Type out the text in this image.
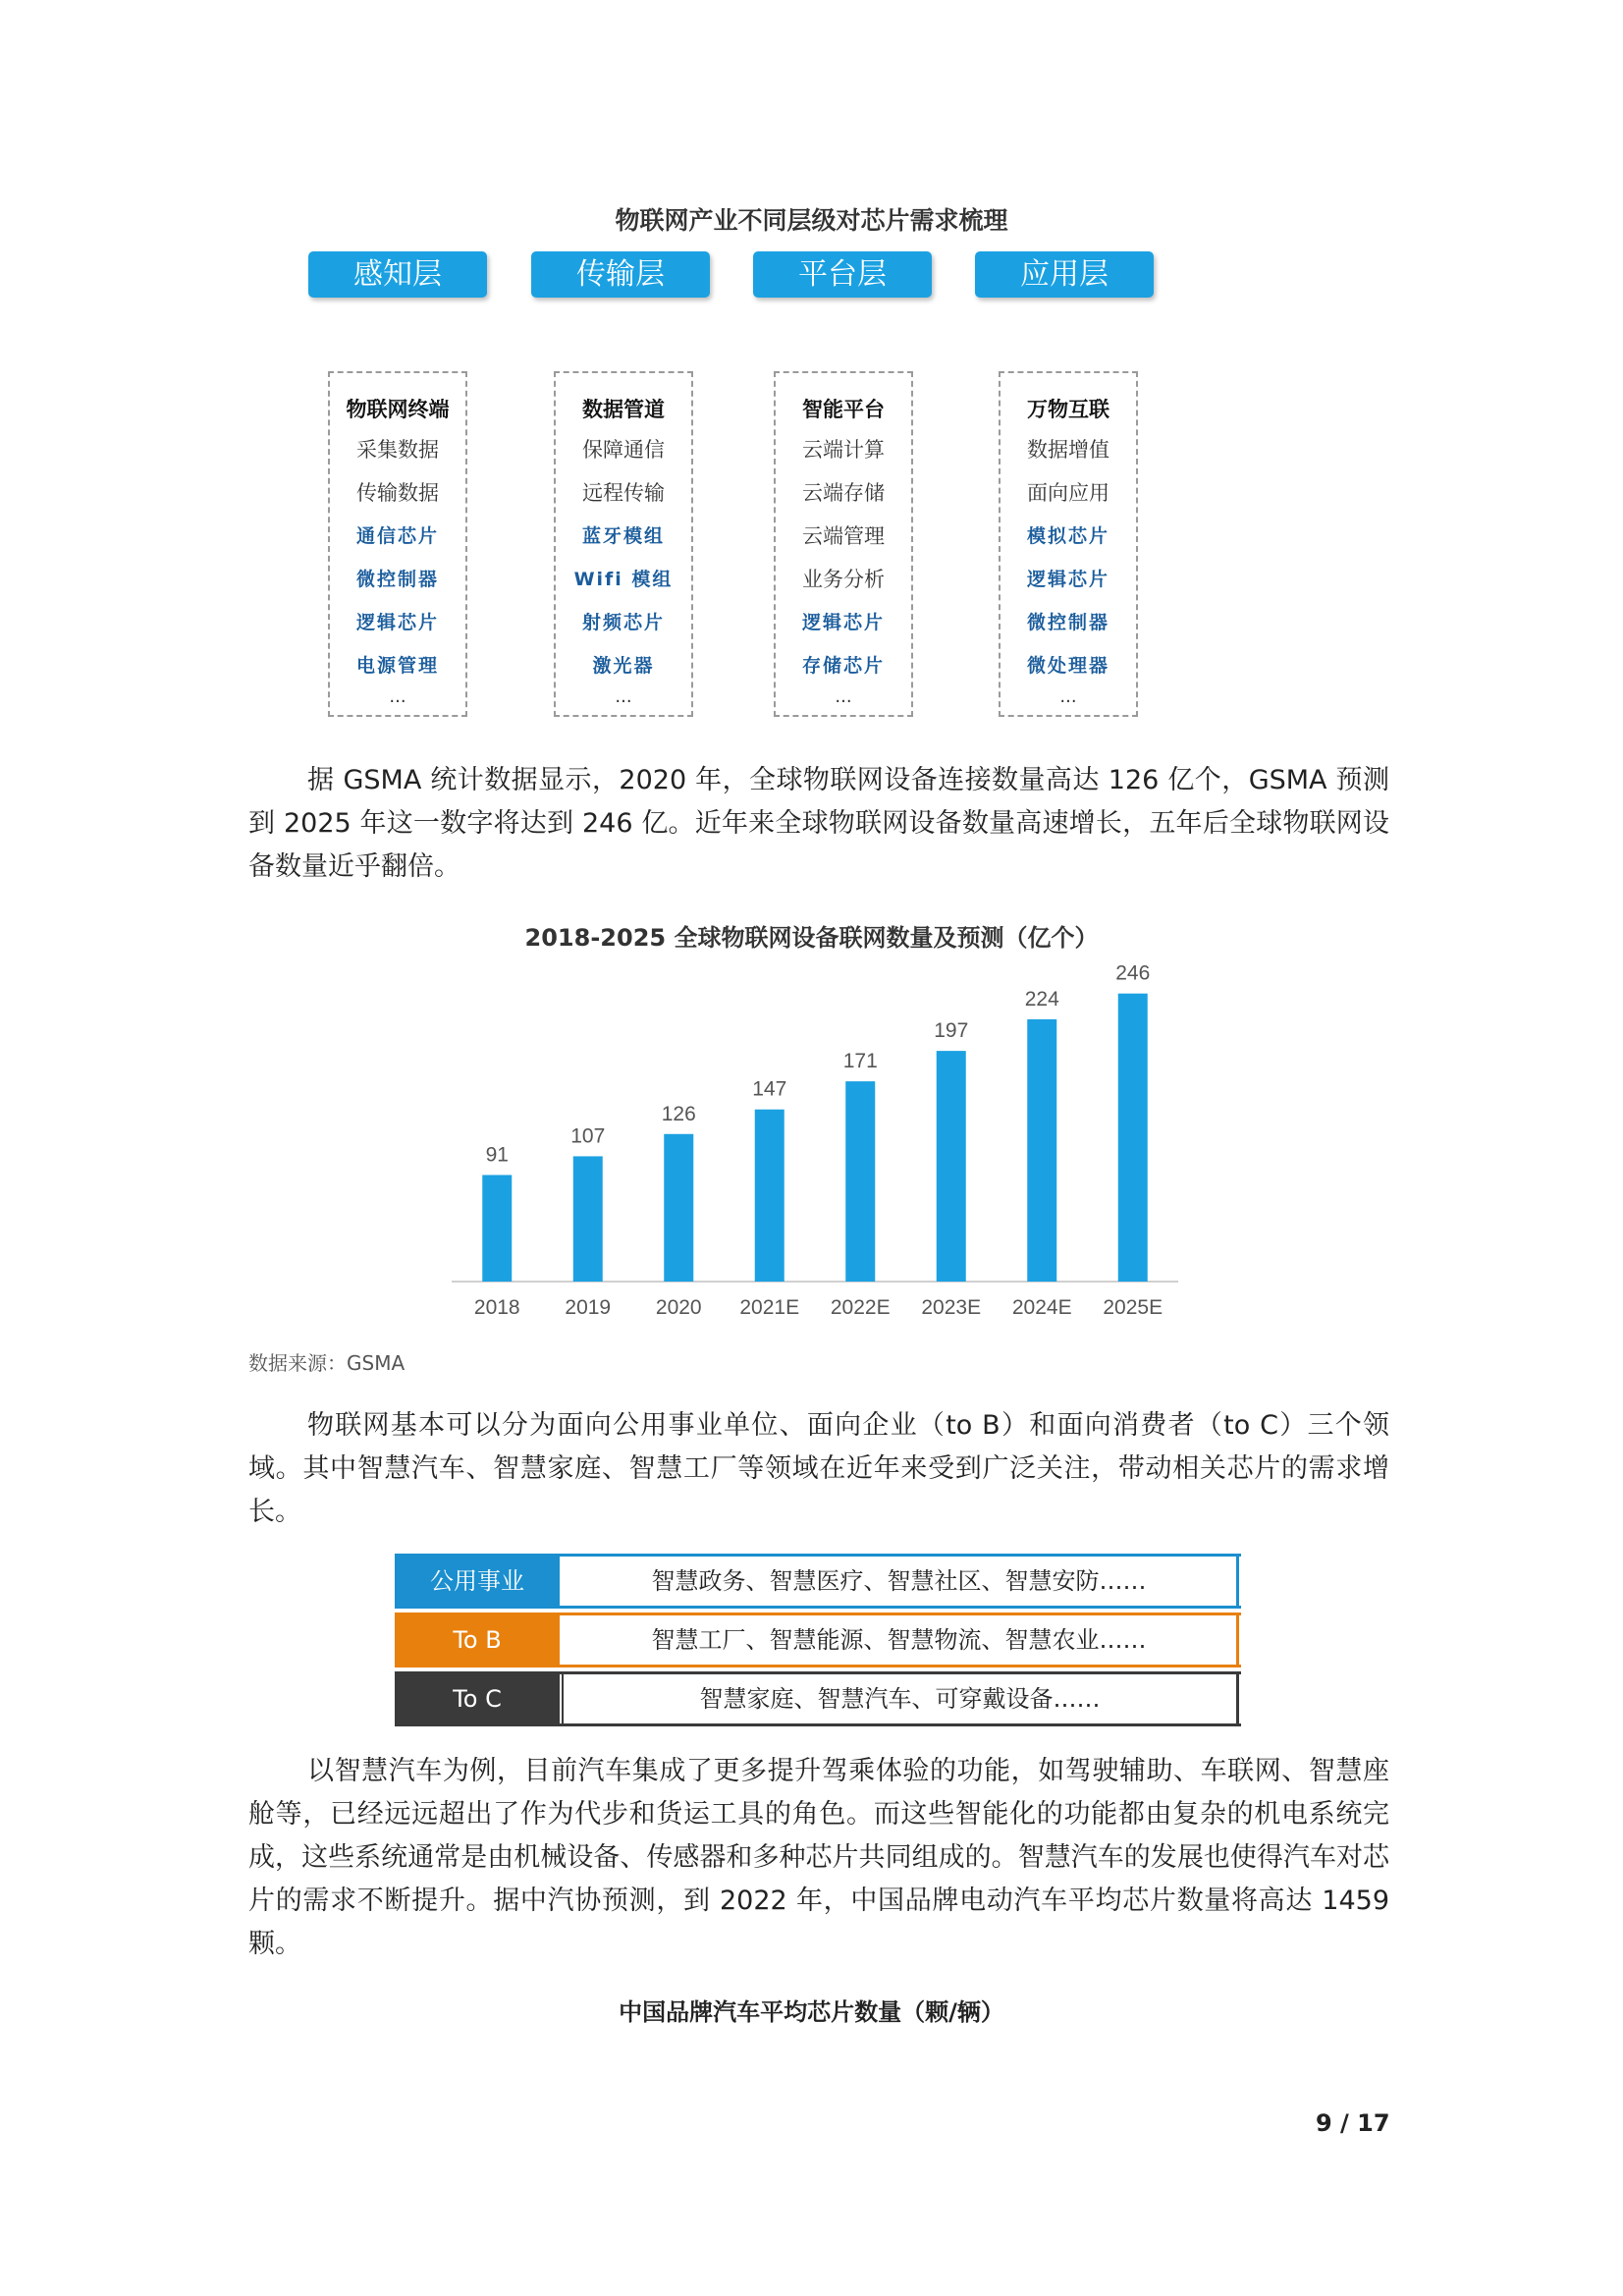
物联网产业不同层级对芯片需求梳理
感知层	传输层	平台层	应用层
物联网终端
采集数据
传输数据
通信芯片
微控制器
逻辑芯片
电源管理
...
数据管道
保障通信
远程传输
蓝牙模组
Wifi 模组
射频芯片
激光器
...
智能平台
云端计算
云端存储
云端管理
业务分析
逻辑芯片
存储芯片
...
万物互联
数据增值
面向应用
模拟芯片
逻辑芯片
微控制器
微处理器
...

据 GSMA 统计数据显示，2020 年，全球物联网设备连接数量高达 126 亿个，GSMA 预测到 2025 年这一数字将达到 246 亿。近年来全球物联网设备数量高速增长，五年后全球物联网设备数量近乎翻倍。

2018-2025 全球物联网设备联网数量及预测（亿个）
91
2018
107
2019
126
2020
147
2021E
171
2022E
197
2023E
224
2024E
246
2025E
数据来源：GSMA

物联网基本可以分为面向公用事业单位、面向企业（to B）和面向消费者（to C）三个领域。其中智慧汽车、智慧家庭、智慧工厂等领域在近年来受到广泛关注，带动相关芯片的需求增长。

公用事业	智慧政务、智慧医疗、智慧社区、智慧安防……
To B	智慧工厂、智慧能源、智慧物流、智慧农业……
To C	智慧家庭、智慧汽车、可穿戴设备……

以智慧汽车为例，目前汽车集成了更多提升驾乘体验的功能，如驾驶辅助、车联网、智慧座舱等，已经远远超出了作为代步和货运工具的角色。而这些智能化的功能都由复杂的机电系统完成，这些系统通常是由机械设备、传感器和多种芯片共同组成的。智慧汽车的发展也使得汽车对芯片的需求不断提升。据中汽协预测，到 2022 年，中国品牌电动汽车平均芯片数量将高达 1459 颗。

中国品牌汽车平均芯片数量（颗/辆）
9 / 17
